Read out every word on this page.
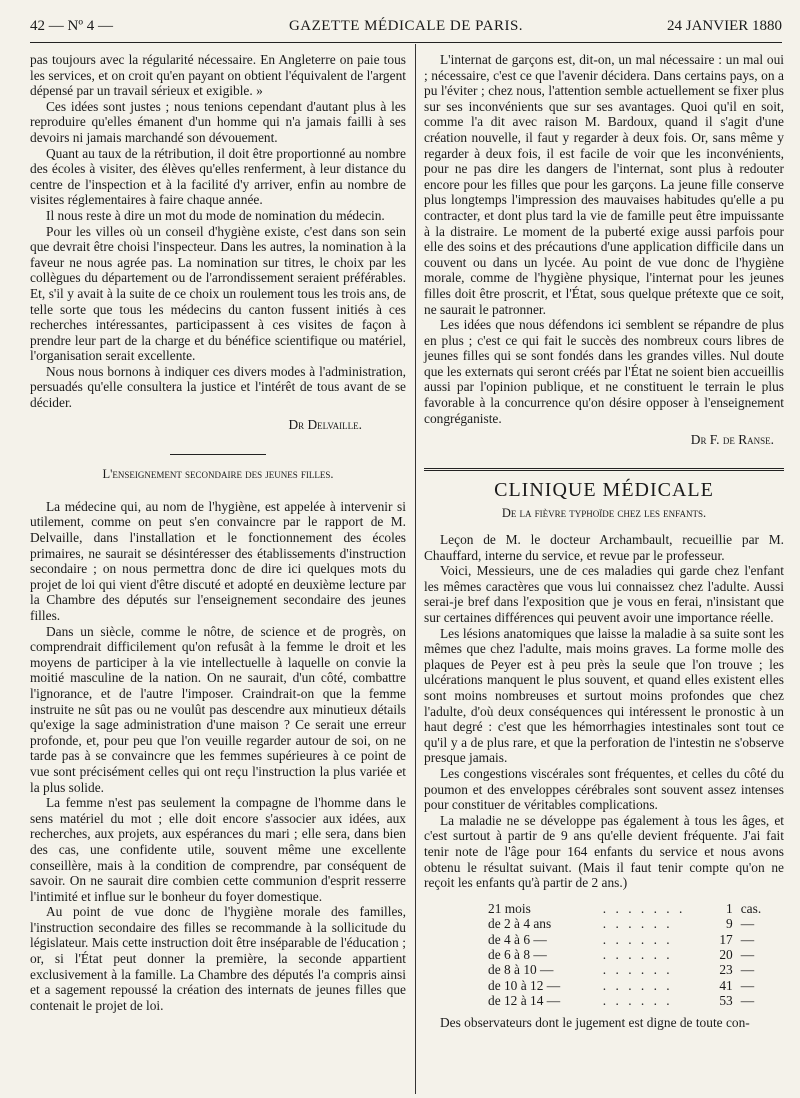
42 — Nº 4 —	GAZETTE MÉDICALE DE PARIS.	24 JANVIER 1880

pas toujours avec la régularité nécessaire. En Angleterre on paie tous les services, et on croit qu'en payant on obtient l'équivalent de l'argent dépensé par un travail sérieux et exigible. »

Ces idées sont justes ; nous tenions cependant d'autant plus à les reproduire qu'elles émanent d'un homme qui n'a jamais failli à ses devoirs ni jamais marchandé son dévouement.

Quant au taux de la rétribution, il doit être proportionné au nombre des écoles à visiter, des élèves qu'elles renferment, à leur distance du centre de l'inspection et à la facilité d'y arriver, enfin au nombre de visites réglementaires à faire chaque année.

Il nous reste à dire un mot du mode de nomination du médecin.

Pour les villes où un conseil d'hygiène existe, c'est dans son sein que devrait être choisi l'inspecteur. Dans les autres, la nomination à la faveur ne nous agrée pas. La nomination sur titres, le choix par les collègues du département ou de l'arrondissement seraient préférables. Et, s'il y avait à la suite de ce choix un roulement tous les trois ans, de telle sorte que tous les médecins du canton fussent initiés à ces recherches intéressantes, participassent à ces visites de façon à prendre leur part de la charge et du bénéfice scientifique ou matériel, l'organisation serait excellente.

Nous nous bornons à indiquer ces divers modes à l'administration, persuadés qu'elle consultera la justice et l'intérêt de tous avant de se décider.

Dr Delvaille.
L'enseignement secondaire des jeunes filles.

La médecine qui, au nom de l'hygiène, est appelée à intervenir si utilement, comme on peut s'en convaincre par le rapport de M. Delvaille, dans l'installation et le fonctionnement des écoles primaires, ne saurait se désintéresser des établissements d'instruction secondaire ; on nous permettra donc de dire ici quelques mots du projet de loi qui vient d'être discuté et adopté en deuxième lecture par la Chambre des députés sur l'enseignement secondaire des jeunes filles.

Dans un siècle, comme le nôtre, de science et de progrès, on comprendrait difficilement qu'on refusât à la femme le droit et les moyens de participer à la vie intellectuelle à laquelle on convie la moitié masculine de la nation. On ne saurait, d'un côté, combattre l'ignorance, et de l'autre l'imposer. Craindrait-on que la femme instruite ne sût pas ou ne voulût pas descendre aux minutieux détails qu'exige la sage administration d'une maison ? Ce serait une erreur profonde, et, pour peu que l'on veuille regarder autour de soi, on ne tarde pas à se convaincre que les femmes supérieures à ce point de vue sont précisément celles qui ont reçu l'instruction la plus variée et la plus solide.

La femme n'est pas seulement la compagne de l'homme dans le sens matériel du mot ; elle doit encore s'associer aux idées, aux recherches, aux projets, aux espérances du mari ; elle sera, dans bien des cas, une confidente utile, souvent même une excellente conseillère, mais à la condition de comprendre, par conséquent de savoir. On ne saurait dire combien cette communion d'esprit resserre l'intimité et influe sur le bonheur du foyer domestique.

Au point de vue donc de l'hygiène morale des familles, l'instruction secondaire des filles se recommande à la sollicitude du législateur. Mais cette instruction doit être inséparable de l'éducation ; or, si l'État peut donner la première, la seconde appartient exclusivement à la famille. La Chambre des députés l'a compris ainsi et a sagement repoussé la création des internats de jeunes filles que contenait le projet de loi.

L'internat de garçons est, dit-on, un mal nécessaire : un mal oui ; nécessaire, c'est ce que l'avenir décidera. Dans certains pays, on a pu l'éviter ; chez nous, l'attention semble actuellement se fixer plus sur ses inconvénients que sur ses avantages. Quoi qu'il en soit, comme l'a dit avec raison M. Bardoux, quand il s'agit d'une création nouvelle, il faut y regarder à deux fois. Or, sans même y regarder à deux fois, il est facile de voir que les inconvénients, pour ne pas dire les dangers de l'internat, sont plus à redouter encore pour les filles que pour les garçons. La jeune fille conserve plus longtemps l'impression des mauvaises habitudes qu'elle a pu contracter, et dont plus tard la vie de famille peut être impuissante à la distraire. Le moment de la puberté exige aussi parfois pour elle des soins et des précautions d'une application difficile dans un couvent ou dans un lycée. Au point de vue donc de l'hygiène morale, comme de l'hygiène physique, l'internat pour les jeunes filles doit être proscrit, et l'État, sous quelque prétexte que ce soit, ne saurait le patronner.

Les idées que nous défendons ici semblent se répandre de plus en plus ; c'est ce qui fait le succès des nombreux cours libres de jeunes filles qui se sont fondés dans les grandes villes. Nul doute que les externats qui seront créés par l'État ne soient bien accueillis aussi par l'opinion publique, et ne constituent le terrain le plus favorable à la concurrence qu'on désire opposer à l'enseignement congréganiste.

Dr F. de Ranse.
CLINIQUE MÉDICALE
De la fièvre typhoïde chez les enfants.

Leçon de M. le docteur Archambault, recueillie par M. Chauffard, interne du service, et revue par le professeur.

Voici, Messieurs, une de ces maladies qui garde chez l'enfant les mêmes caractères que vous lui connaissez chez l'adulte. Aussi serai-je bref dans l'exposition que je vous en ferai, n'insistant que sur certaines différences qui peuvent avoir une importance réelle.

Les lésions anatomiques que laisse la maladie à sa suite sont les mêmes que chez l'adulte, mais moins graves. La forme molle des plaques de Peyer est à peu près la seule que l'on trouve ; les ulcérations manquent le plus souvent, et quand elles existent elles sont moins nombreuses et surtout moins profondes que chez l'adulte, d'où deux conséquences qui intéressent le pronostic à un haut degré : c'est que les hémorrhagies intestinales sont tout ce qu'il y a de plus rare, et que la perforation de l'intestin ne s'observe presque jamais.

Les congestions viscérales sont fréquentes, et celles du côté du poumon et des enveloppes cérébrales sont souvent assez intenses pour constituer de véritables complications.

La maladie ne se développe pas également à tous les âges, et c'est surtout à partir de 9 ans qu'elle devient fréquente. J'ai fait tenir note de l'âge pour 164 enfants du service et nous avons obtenu le résultat suivant. (Mais il faut tenir compte qu'on ne reçoit les enfants qu'à partir de 2 ans.)

21 mois	. . . . . . .	1	cas.
de 2 à 4 ans	. . . . . .	9	—
de 4 à 6 —	. . . . . .	17	—
de 6 à 8 —	. . . . . .	20	—
de 8 à 10 —	. . . . . .	23	—
de 10 à 12 —	. . . . . .	41	—
de 12 à 14 —	. . . . . .	53	—

Des observateurs dont le jugement est digne de toute con-
